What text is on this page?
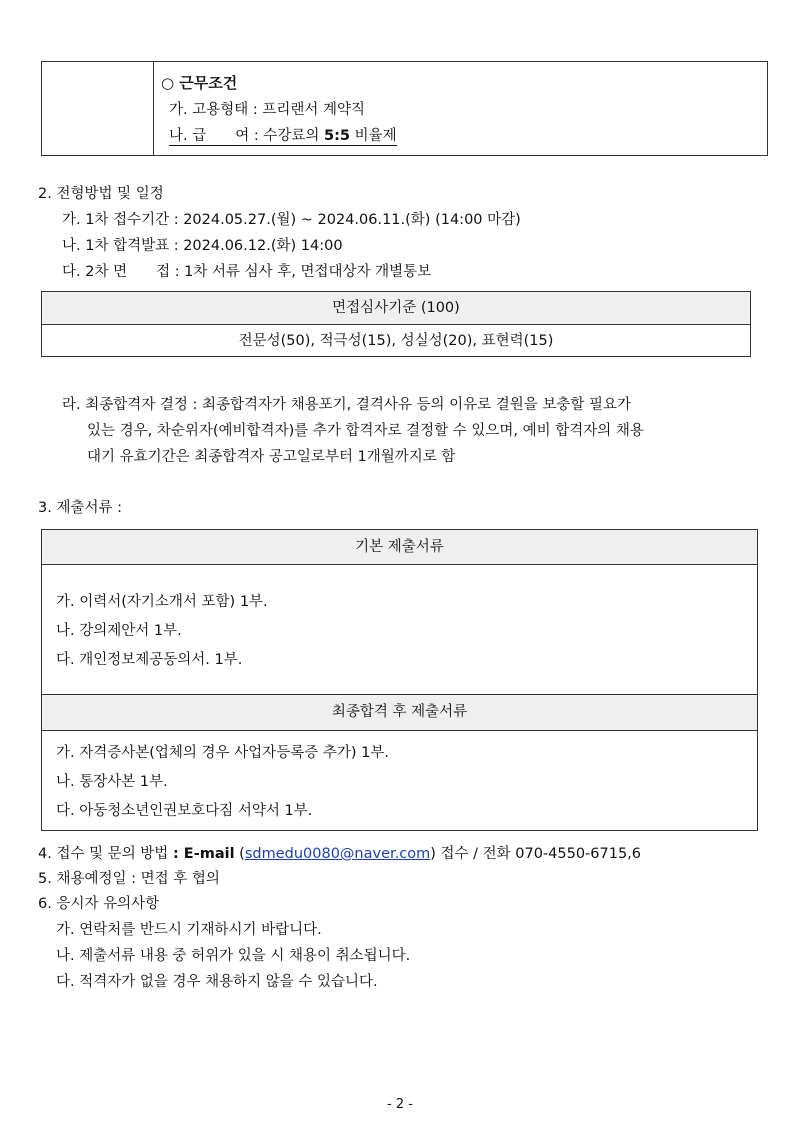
○ 근무조건
가. 고용형태 : 프리랜서 계약직
나. 급　　여 : 수강료의 5:5 비율제
2. 전형방법 및 일정
가. 1차 접수기간 : 2024.05.27.(월) ~ 2024.06.11.(화) (14:00 마감)
나. 1차 합격발표 : 2024.06.12.(화) 14:00
다. 2차 면　　접 : 1차 서류 심사 후, 면접대상자 개별통보
면접심사기준 (100)
전문성(50), 적극성(15), 성실성(20), 표현력(15)
라. 최종합격자 결정 : 최종합격자가 채용포기, 결격사유 등의 이유로 결원을 보충할 필요가
있는 경우, 차순위자(예비합격자)를 추가 합격자로 결정할 수 있으며, 예비 합격자의 채용
대기 유효기간은 최종합격자 공고일로부터 1개월까지로 함
3. 제출서류 :
기본 제출서류
가. 이력서(자기소개서 포함) 1부.
나. 강의제안서 1부.
다. 개인정보제공동의서. 1부.
최종합격 후 제출서류
가. 자격증사본(업체의 경우 사업자등록증 추가) 1부.
나. 통장사본 1부.
다. 아동청소년인권보호다짐 서약서 1부.
4. 접수 및 문의 방법 : E-mail (sdmedu0080@naver.com) 접수 / 전화 070-4550-6715,6
5. 채용예정일 : 면접 후 협의
6. 응시자 유의사항
가. 연락처를 반드시 기재하시기 바랍니다.
나. 제출서류 내용 중 허위가 있을 시 채용이 취소됩니다.
다. 적격자가 없을 경우 채용하지 않을 수 있습니다.
- 2 -
